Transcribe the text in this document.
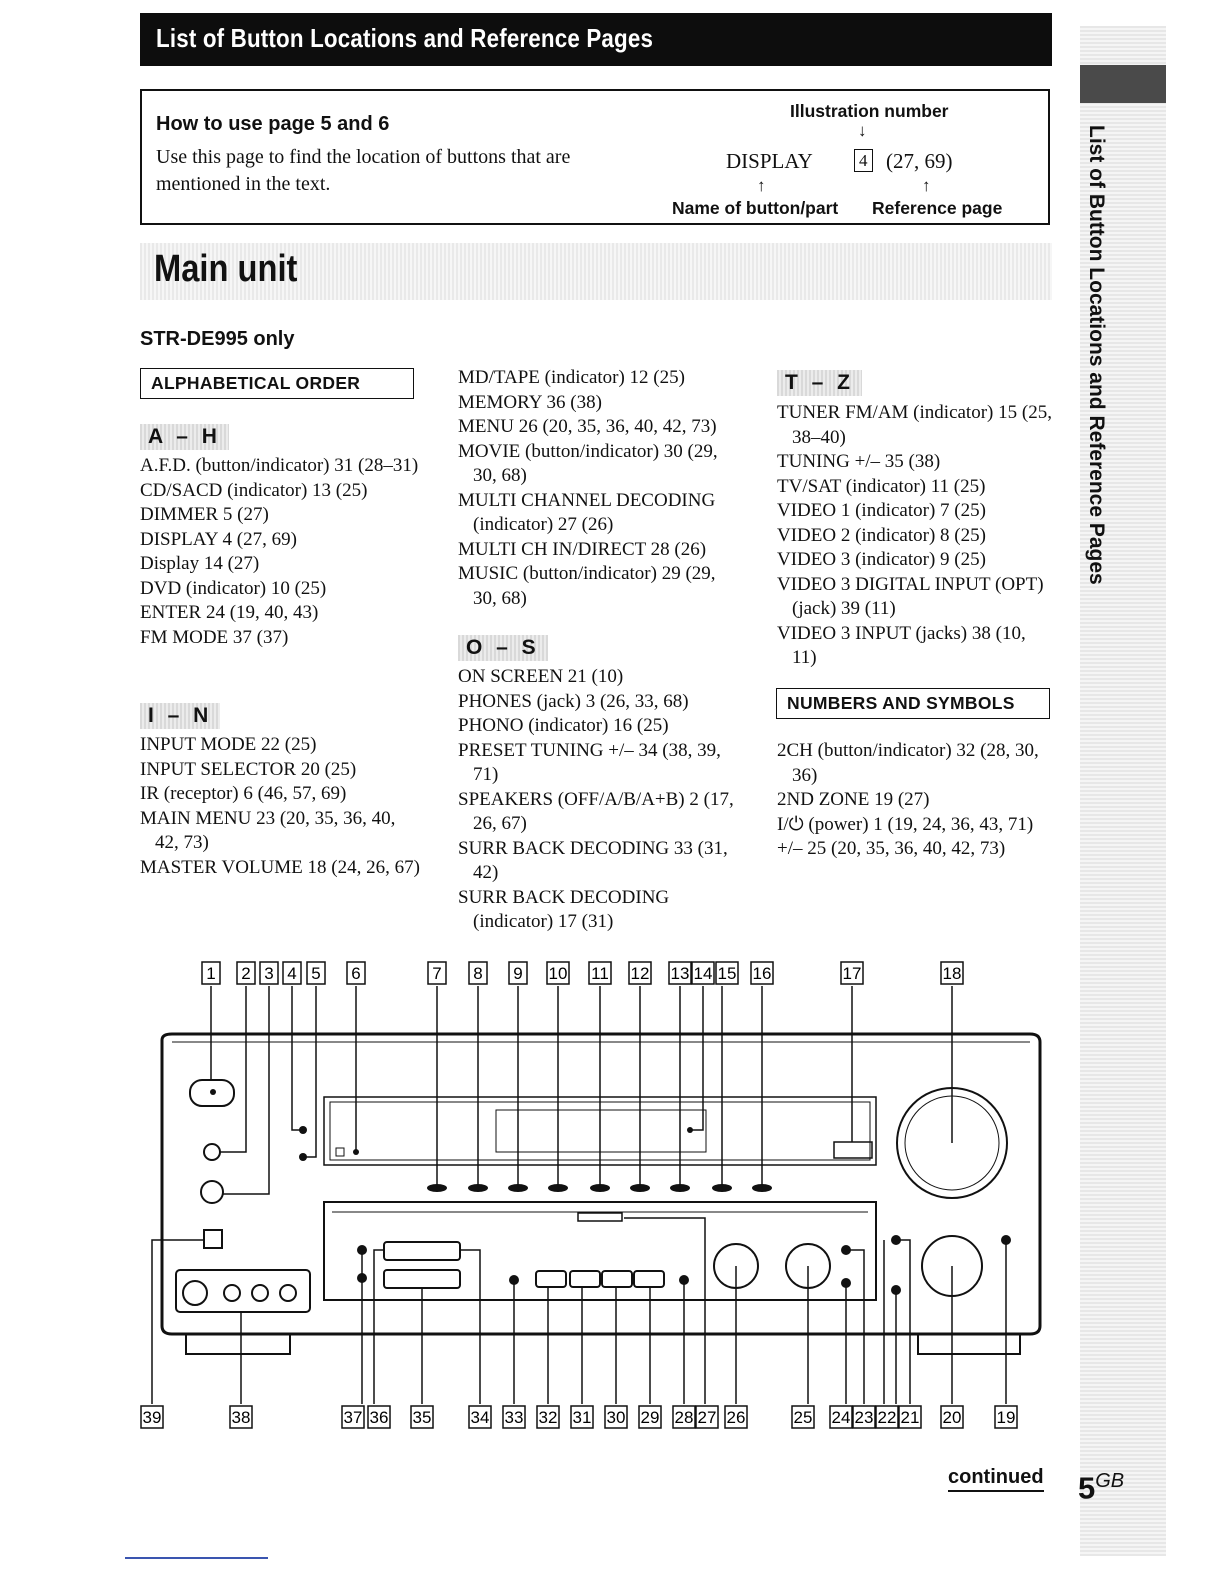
List of Button Locations and Reference Pages
How to use page 5 and 6
Use this page to find the location of buttons that are mentioned in the text.
Illustration number
↓
DISPLAY	4 (27, 69)
↑	↑
Name of button/part Reference page
Main unit
STR-DE995 only
ALPHABETICAL ORDER
A – H

A.F.D. (button/indicator) 31 (28–31)

CD/SACD (indicator) 13 (25)

DIMMER 5 (27)

DISPLAY 4 (27, 69)

Display 14 (27)

DVD (indicator) 10 (25)

ENTER 24 (19, 40, 43)

FM MODE 37 (37)

I – N

INPUT MODE 22 (25)

INPUT SELECTOR 20 (25)

IR (receptor) 6 (46, 57, 69)

MAIN MENU 23 (20, 35, 36, 40, 42, 73)

MASTER VOLUME 18 (24, 26, 67)

MD/TAPE (indicator) 12 (25)

MEMORY 36 (38)

MENU 26 (20, 35, 36, 40, 42, 73)

MOVIE (button/indicator) 30 (29, 30, 68)

MULTI CHANNEL DECODING (indicator) 27 (26)

MULTI CH IN/DIRECT 28 (26)

MUSIC (button/indicator) 29 (29, 30, 68)

O – S

ON SCREEN 21 (10)

PHONES (jack) 3 (26, 33, 68)

PHONO (indicator) 16 (25)

PRESET TUNING +/– 34 (38, 39, 71)

SPEAKERS (OFF/A/B/A+B) 2 (17, 26, 67)

SURR BACK DECODING 33 (31, 42)

SURR BACK DECODING (indicator) 17 (31)

T – Z

TUNER FM/AM (indicator) 15 (25, 38–40)

TUNING +/– 35 (38)

TV/SAT (indicator) 11 (25)

VIDEO 1 (indicator) 7 (25)

VIDEO 2 (indicator) 8 (25)

VIDEO 3 (indicator) 9 (25)

VIDEO 3 DIGITAL INPUT (OPT) (jack) 39 (11)

VIDEO 3 INPUT (jacks) 38 (10, 11)

NUMBERS AND SYMBOLS

2CH (button/indicator) 32 (28, 30, 36)

2ND ZONE 19 (27)

I/⏻ (power) 1 (19, 24, 36, 43, 71)

+/– 25 (20, 35, 36, 40, 42, 73)

1 2 3 4 5 6	7 8 9 10 11 12 13 14 15 16	17	18
39	38	37 36 35 34 33 32 31 30 29 28 27 26	25 24 23 22 21 20 19
List of Button Locations and Reference Pages
continued $5^{GB}$
